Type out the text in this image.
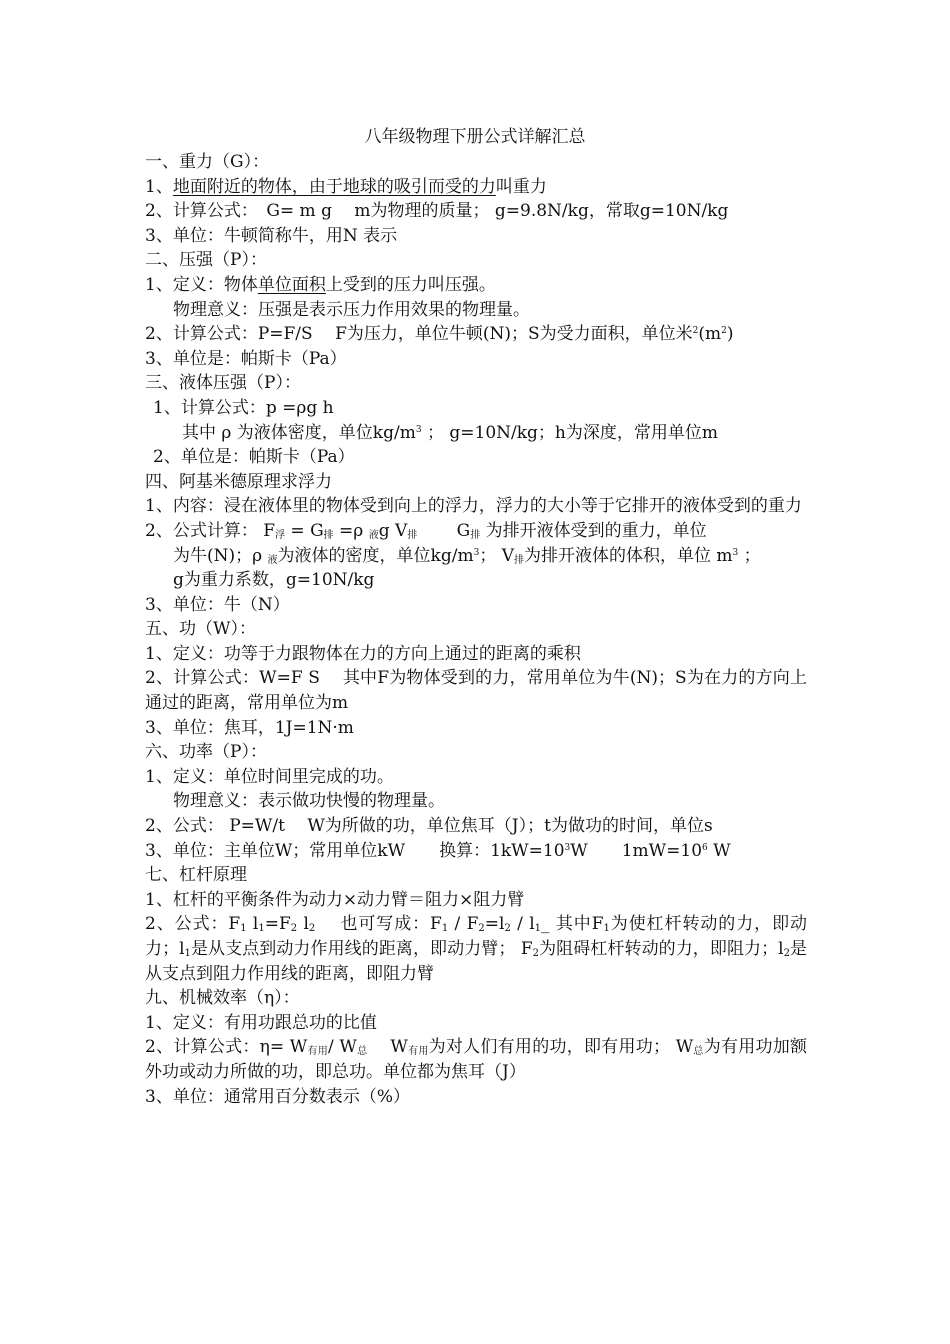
八年级物理下册公式详解汇总
一、重力（G）：
1、地面附近的物体，由于地球的吸引而受的力叫重力
2、计算公式：　G= m g　 m为物理的质量； g=9.8N/kg，常取g=10N/kg
3、单位：牛顿简称牛，用N 表示
二、压强（P）：
1、定义：物体单位面积上受到的压力叫压强。
物理意义：压强是表示压力作用效果的物理量。
2、计算公式：P=F/S　 F为压力，单位牛顿(N)；S为受力面积，单位米$^2(m^2)$
3、单位是：帕斯卡（Pa）
三、液体压强（P）：
1、计算公式：p =ρg h
其中 ρ 为液体密度，单位$kg/m^3$ ； g=10N/kg；h为深度，常用单位m
2、单位是：帕斯卡（Pa）
四、阿基米德原理求浮力
1、内容：浸在液体里的物体受到向上的浮力，浮力的大小等于它排开的液体受到的重力
2、公式计算： $F_浮 = G_排 =\rho$ $_液$g $V_排$　　 $G_排$ 为排开液体受到的重力，单位
为牛(N)；ρ $_液$为液体的密度，单位$kg/m^3$； $V_排$为排开液体的体积，单位 $m^3$ ；
g为重力系数，g=10N/kg
3、单位：牛（N）
五、功（W）：
1、定义：功等于力跟物体在力的方向上通过的距离的乘积
2、计算公式：W=F S　 其中F为物体受到的力，常用单位为牛(N)；S为在力的方向上通过的距离，常用单位为m
3、单位：焦耳，1J=1N·m
六、功率（P）：
1、定义：单位时间里完成的功。
物理意义：表示做功快慢的物理量。
2、公式： P=W/t　 W为所做的功，单位焦耳（J）；t为做功的时间，单位s
3、单位：主单位W；常用单位kW　　换算：$1kW=10^3W$　　$1mW=10^6$ W
七、杠杆原理
1、杠杆的平衡条件为动力×动力臂＝阻力×阻力臂
2、公式：$F_1$ $l_1=F_2$ $l_2$　 也可写成：$F_1 / F_2=l_2$ / $l_1\_$ 其中$F_1$为使杠杆转动的力，即动力；$l_1$是从支点到动力作用线的距离，即动力臂； $F_2$为阻碍杠杆转动的力，即阻力；$l_2$是从支点到阻力作用线的距离，即阻力臂
九、机械效率（η）：
1、定义：有用功跟总功的比值
2、计算公式：$\eta= W_{有用}/$ $W_总$　 $W_{有用}$为对人们有用的功，即有用功； $W_总$为有用功加额外功或动力所做的功，即总功。单位都为焦耳（J）
3、单位：通常用百分数表示（%）
